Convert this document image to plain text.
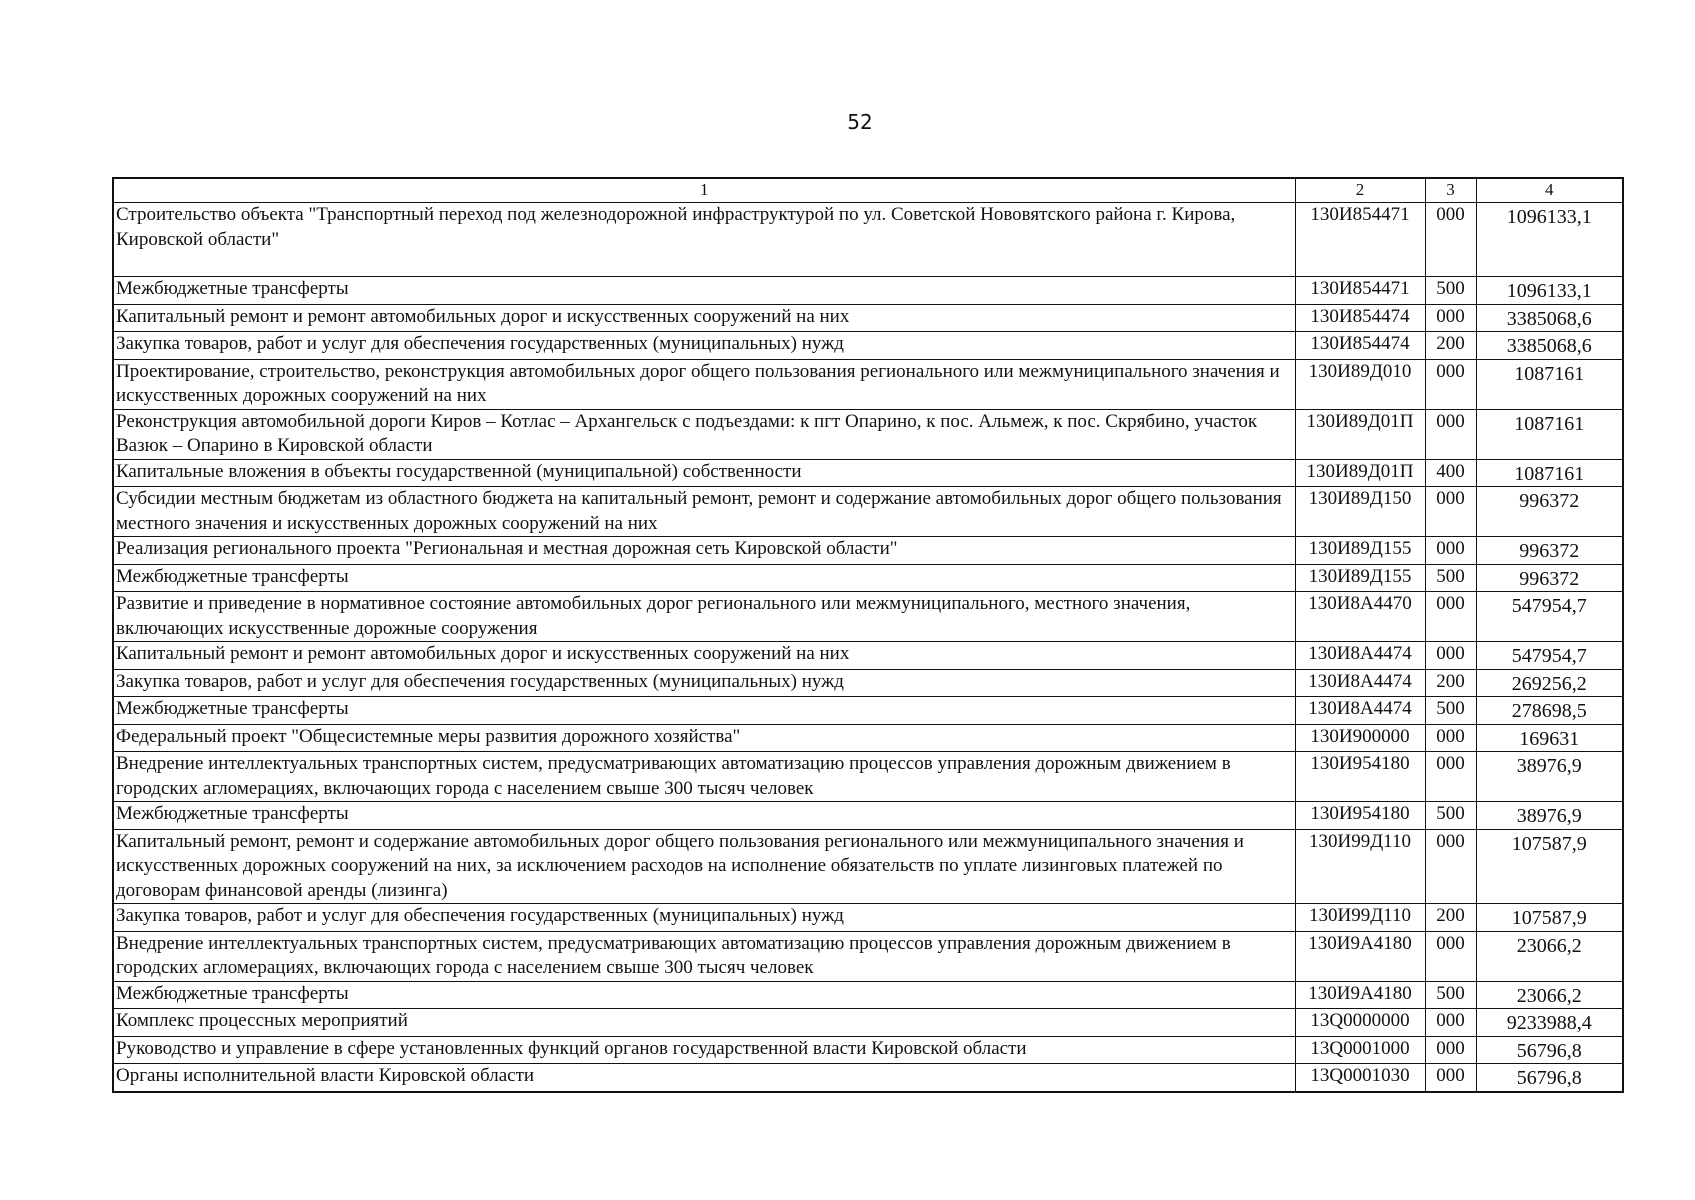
52
1	2	3	4
Строительство объекта "Транспортный переход под железнодорожной инфраструктурой по ул. Советской Нововятского района г. Кирова, Кировской области"	130И854471	000	1096133,1
Межбюджетные трансферты	130И854471	500	1096133,1
Капитальный ремонт и ремонт автомобильных дорог и искусственных сооружений на них	130И854474	000	3385068,6
Закупка товаров, работ и услуг для обеспечения государственных (муниципальных) нужд	130И854474	200	3385068,6
Проектирование, строительство, реконструкция автомобильных дорог общего пользования регионального или межмуниципального значения и искусственных дорожных сооружений на них	130И89Д010	000	1087161
Реконструкция автомобильной дороги Киров – Котлас – Архангельск с подъездами: к пгт Опарино, к пос. Альмеж, к пос. Скрябино, участок Вазюк – Опарино в Кировской области	130И89Д01П	000	1087161
Капитальные вложения в объекты государственной (муниципальной) собственности	130И89Д01П	400	1087161
Субсидии местным бюджетам из областного бюджета на капитальный ремонт, ремонт и содержание автомобильных дорог общего пользования местного значения и искусственных дорожных сооружений на них	130И89Д150	000	996372
Реализация регионального проекта "Региональная и местная дорожная сеть Кировской области"	130И89Д155	000	996372
Межбюджетные трансферты	130И89Д155	500	996372
Развитие и приведение в нормативное состояние автомобильных дорог регионального или межмуниципального, местного значения, включающих искусственные дорожные сооружения	130И8А4470	000	547954,7
Капитальный ремонт и ремонт автомобильных дорог и искусственных сооружений на них	130И8А4474	000	547954,7
Закупка товаров, работ и услуг для обеспечения государственных (муниципальных) нужд	130И8А4474	200	269256,2
Межбюджетные трансферты	130И8А4474	500	278698,5
Федеральный проект "Общесистемные меры развития дорожного хозяйства"	130И900000	000	169631
Внедрение интеллектуальных транспортных систем, предусматривающих автоматизацию процессов управления дорожным движением в городских агломерациях, включающих города с населением свыше 300 тысяч человек	130И954180	000	38976,9
Межбюджетные трансферты	130И954180	500	38976,9
Капитальный ремонт, ремонт и содержание автомобильных дорог общего пользования регионального или межмуниципального значения и искусственных дорожных сооружений на них, за исключением расходов на исполнение обязательств по уплате лизинговых платежей по договорам финансовой аренды (лизинга)	130И99Д110	000	107587,9
Закупка товаров, работ и услуг для обеспечения государственных (муниципальных) нужд	130И99Д110	200	107587,9
Внедрение интеллектуальных транспортных систем, предусматривающих автоматизацию процессов управления дорожным движением в городских агломерациях, включающих города с населением свыше 300 тысяч человек	130И9А4180	000	23066,2
Межбюджетные трансферты	130И9А4180	500	23066,2
Комплекс процессных мероприятий	13Q0000000	000	9233988,4
Руководство и управление в сфере установленных функций органов государственной власти Кировской области	13Q0001000	000	56796,8
Органы исполнительной власти Кировской области	13Q0001030	000	56796,8
